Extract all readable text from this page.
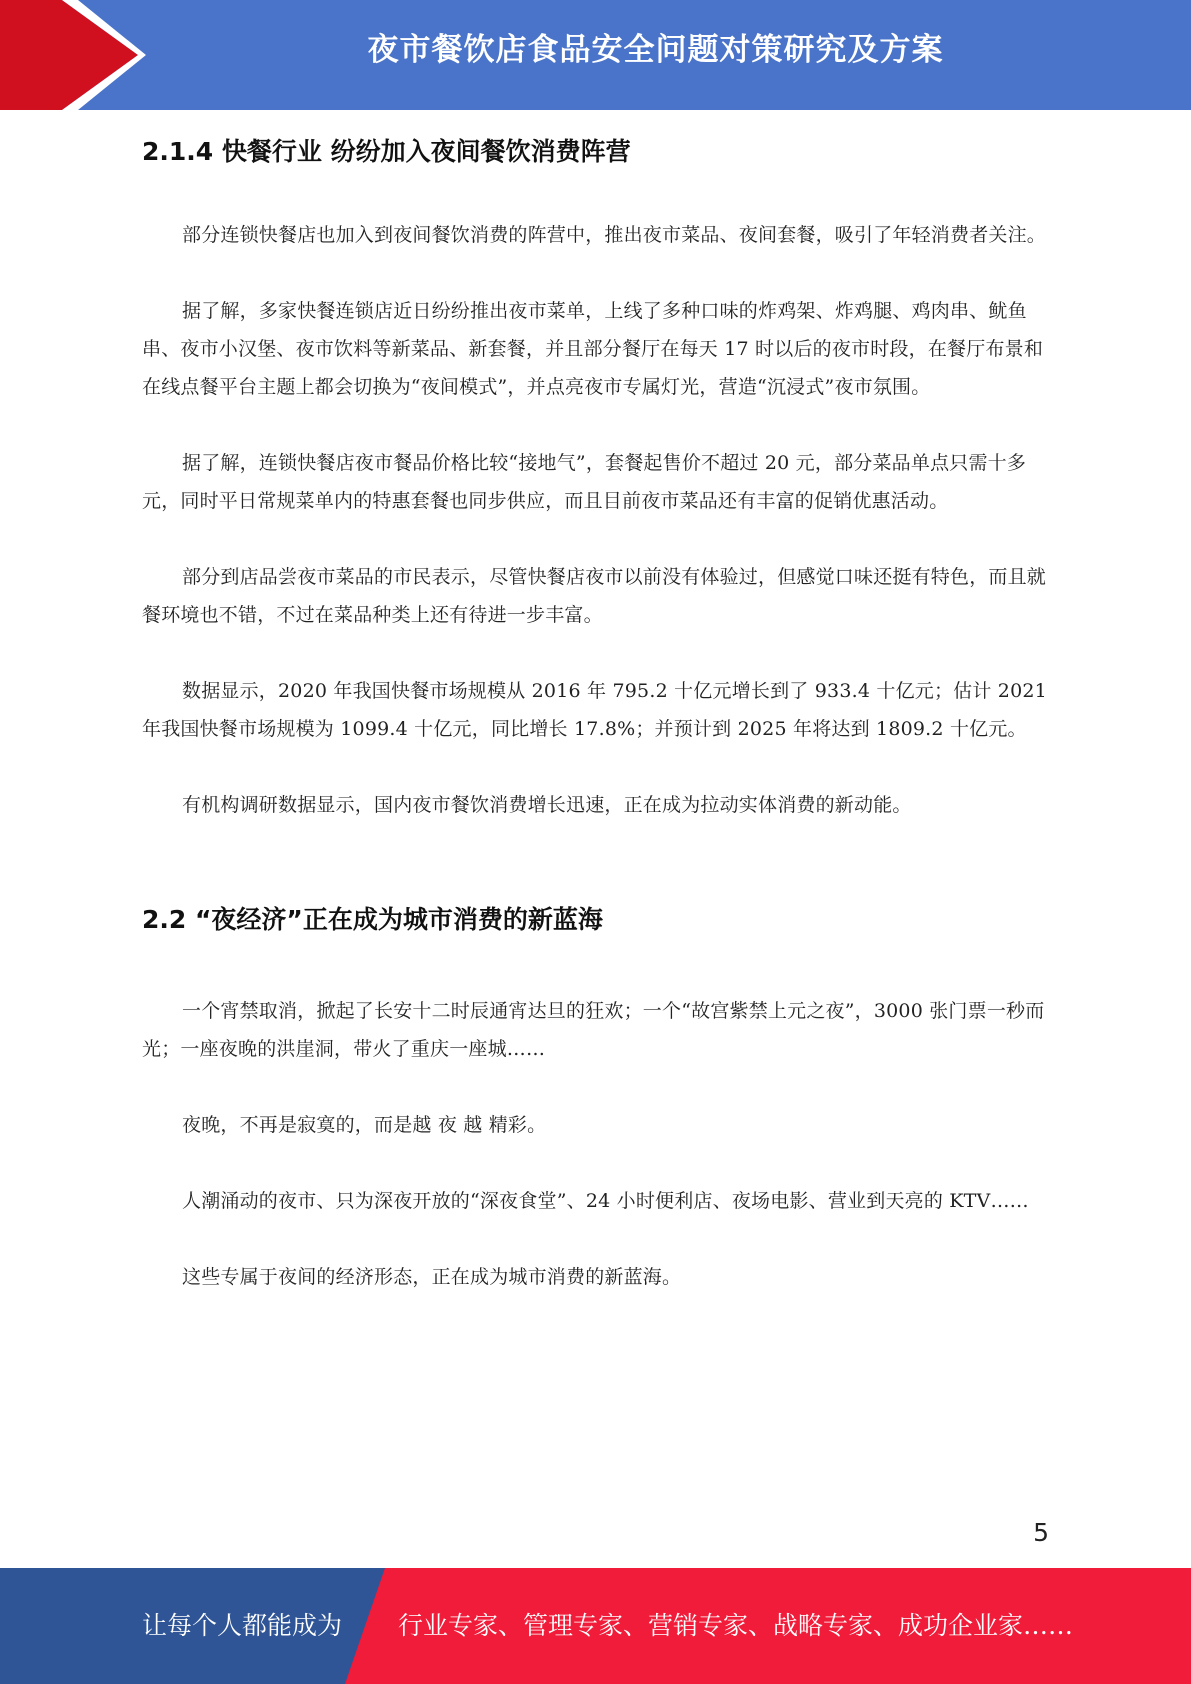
夜市餐饮店食品安全问题对策研究及方案
2.1.4 快餐行业 纷纷加入夜间餐饮消费阵营

部分连锁快餐店也加入到夜间餐饮消费的阵营中，推出夜市菜品、夜间套餐，吸引了年轻消费者关注。

据了解，多家快餐连锁店近日纷纷推出夜市菜单，上线了多种口味的炸鸡架、炸鸡腿、鸡肉串、鱿鱼串、夜市小汉堡、夜市饮料等新菜品、新套餐，并且部分餐厅在每天 17 时以后的夜市时段，在餐厅布景和在线点餐平台主题上都会切换为“夜间模式”，并点亮夜市专属灯光，营造“沉浸式”夜市氛围。

据了解，连锁快餐店夜市餐品价格比较“接地气”，套餐起售价不超过 20 元，部分菜品单点只需十多元，同时平日常规菜单内的特惠套餐也同步供应，而且目前夜市菜品还有丰富的促销优惠活动。

部分到店品尝夜市菜品的市民表示，尽管快餐店夜市以前没有体验过，但感觉口味还挺有特色，而且就餐环境也不错，不过在菜品种类上还有待进一步丰富。

数据显示，2020 年我国快餐市场规模从 2016 年 795.2 十亿元增长到了 933.4 十亿元；估计 2021 年我国快餐市场规模为 1099.4 十亿元，同比增长 17.8%；并预计到 2025 年将达到 1809.2 十亿元。

有机构调研数据显示，国内夜市餐饮消费增长迅速，正在成为拉动实体消费的新动能。

2.2 “夜经济”正在成为城市消费的新蓝海

一个宵禁取消，掀起了长安十二时辰通宵达旦的狂欢；一个“故宫紫禁上元之夜”，3000 张门票一秒而光；一座夜晚的洪崖洞，带火了重庆一座城……

夜晚，不再是寂寞的，而是越 夜 越 精彩。

人潮涌动的夜市、只为深夜开放的“深夜食堂”、24 小时便利店、夜场电影、营业到天亮的 KTV……

这些专属于夜间的经济形态，正在成为城市消费的新蓝海。

5
让每个人都能成为 行业专家、管理专家、营销专家、战略专家、成功企业家……
